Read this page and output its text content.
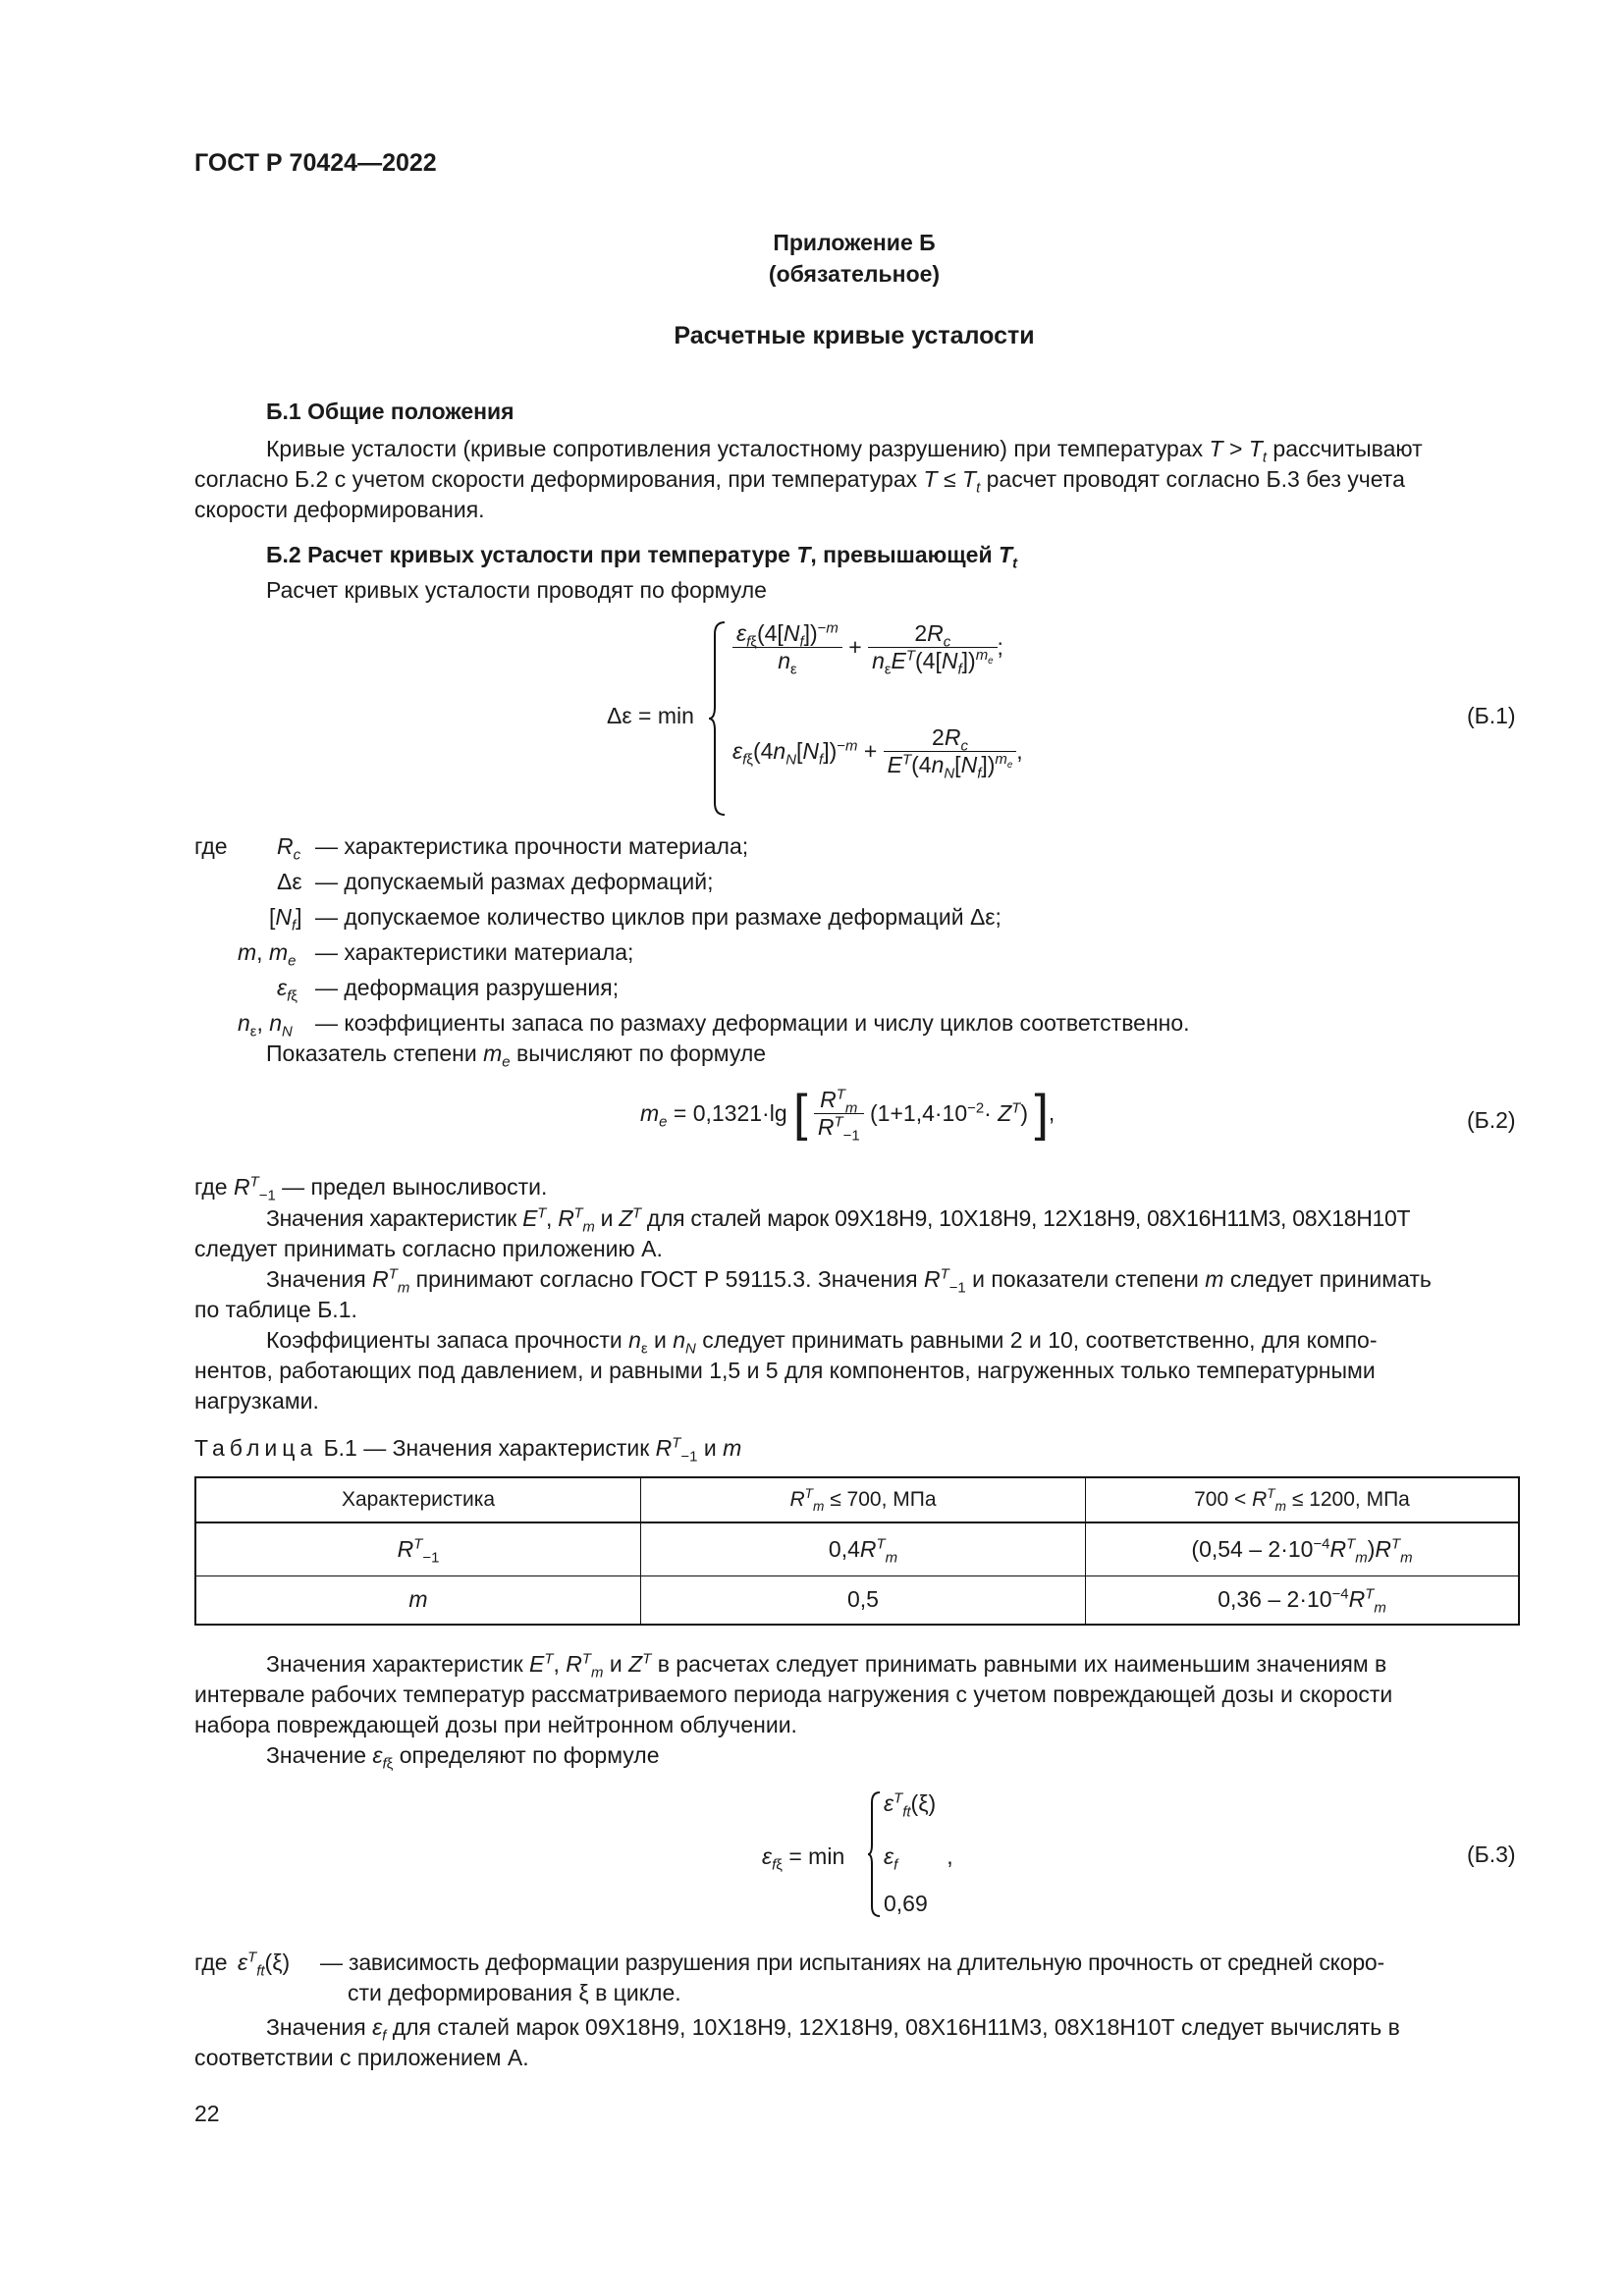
ГОСТ Р 70424—2022
Приложение Б
(обязательное)
Расчетные кривые усталости
Б.1 Общие положения
Кривые усталости (кривые сопротивления усталостному разрушению) при температурах $T > T_t$ рассчитывают
согласно Б.2 с учетом скорости деформирования, при температурах $T \le T_t$ расчет проводят согласно Б.3 без учета
скорости деформирования.
Б.2 Расчет кривых усталости при температуре T, превышающей $T_t$
Расчет кривых усталости проводят по формуле
Δε = min
$\frac{\varepsilon_{f\xi}(4[N_f])^{-m}}{n_\varepsilon} + \frac{2R_c}{n_\varepsilon E^T(4[N_f])^{m_e}}$ ;
$\varepsilon_{f\xi}(4n_N[N_f])^{-m} + \frac{2R_c}{E^T(4n_N[N_f])^{m_e}}$ ,
(Б.1)
где $R_c$ — характеристика прочности материала;
Δε — допускаемый размах деформаций;
$[N_f]$ — допускаемое количество циклов при размахе деформаций Δε;
m, $m_e$ — характеристики материала;
$\varepsilon_{f\xi}$ — деформация разрушения;
$n_\varepsilon$, $n_N$ — коэффициенты запаса по размаху деформации и числу циклов соответственно.
Показатель степени $m_e$ вычисляют по формуле
$m_e = 0,1321\cdot\lg$ [ $\frac{R^T_m}{R^T_{-1}} (1+1,4\cdot 10^{-2}\cdot Z^T)$ ],	(Б.2)
где $R^T_{-1}$ — предел выносливости.
Значения характеристик $E^T$, $R^T_m$ и $Z^T$ для сталей марок 09Х18Н9, 10Х18Н9, 12Х18Н9, 08Х16Н11М3, 08Х18Н10Т
следует принимать согласно приложению А.
Значения $R^T_m$ принимают согласно ГОСТ Р 59115.3. Значения $R^T_{-1}$ и показатели степени m следует принимать
по таблице Б.1.
Коэффициенты запаса прочности $n_\varepsilon$ и $n_N$ следует принимать равными 2 и 10, соответственно, для компо-
нентов, работающих под давлением, и равными 1,5 и 5 для компонентов, нагруженных только температурными
нагрузками.
Таблица Б.1 — Значения характеристик $R^T_{-1}$ и m
Характеристика	$R^T_m \le 700$, МПа	$700 < R^T_m \le 1200$, МПа
$R^T_{-1}$	$0,4R^T_m$	$(0,54 - 2\cdot 10^{-4}R^T_m)R^T_m$
m	0,5	$0,36 - 2\cdot 10^{-4}R^T_m$
Значения характеристик $E^T$, $R^T_m$ и $Z^T$ в расчетах следует принимать равными их наименьшим значениям в
интервале рабочих температур рассматриваемого периода нагружения с учетом повреждающей дозы и скорости
набора повреждающей дозы при нейтронном облучении.
Значение $\varepsilon_{f\xi}$ определяют по формуле
$\varepsilon_{f\xi} = \min$
$\varepsilon^T_{ft}(\xi)$
$\varepsilon_f$ ,
0,69
(Б.3)
где $\varepsilon^T_{ft}(\xi)$ — зависимость деформации разрушения при испытаниях на длительную прочность от средней скоро-
сти деформирования ξ в цикле.
Значения $\varepsilon_f$ для сталей марок 09Х18Н9, 10Х18Н9, 12Х18Н9, 08Х16Н11М3, 08Х18Н10Т следует вычислять в
соответствии с приложением А.
22
